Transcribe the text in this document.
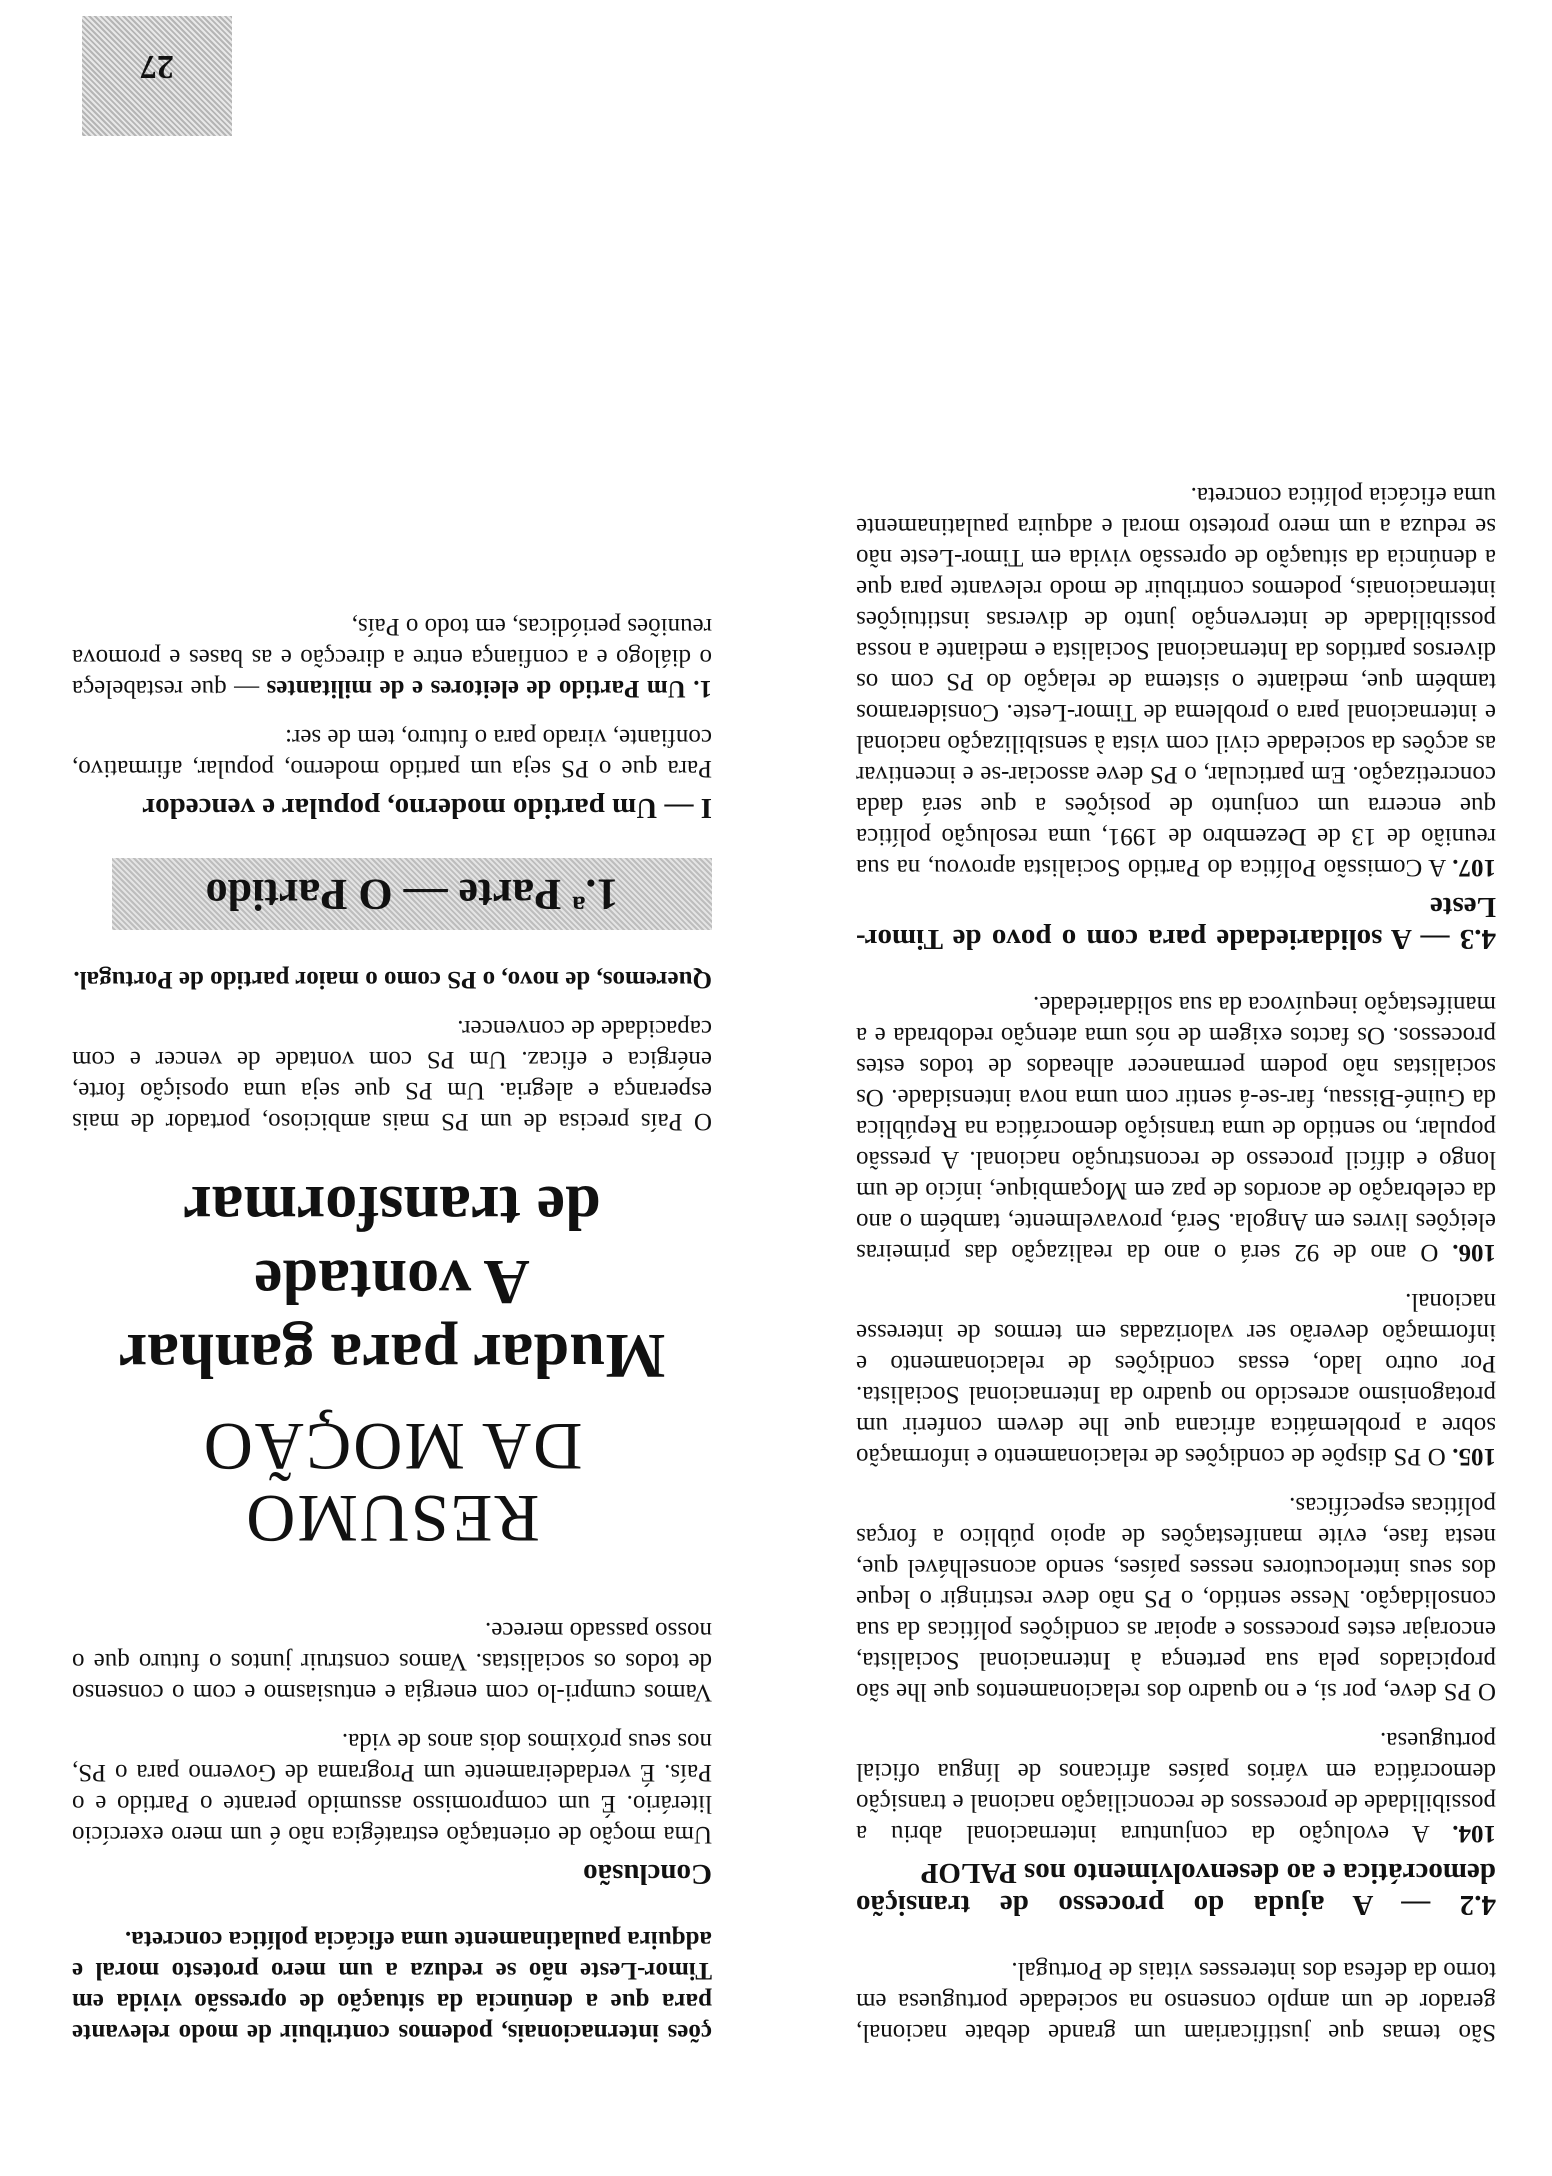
São temas que justificariam um grande debate nacional, gerador de um amplo consenso na sociedade portuguesa em torno da defesa dos interesses vitais de Portugal.

4.2 — A ajuda do processo de transição democrática e ao desenvolvimento nos PALOP

104. A evolução da conjuntura internacional abriu a possibilidade de processos de reconciliação nacional e transição democrática em vários países africanos de língua oficial portuguesa.

O PS deve, por si, e no quadro dos relacionamentos que lhe são propiciados pela sua pertença à Internacional Socialista, encorajar estes processos e apoiar as condições políticas da sua consolidação. Nesse sentido, o PS não deve restringir o leque dos seus interlocutores nesses países, sendo aconselhável que, nesta fase, evite manifestações de apoio público a forças políticas específicas.

105. O PS dispõe de condições de relacionamento e informação sobre a problemática africana que lhe devem conferir um protagonismo acrescido no quadro da Internacional Socialista. Por outro lado, essas condições de relacionamento e informação deverão ser valorizadas em termos de interesse nacional.

106. O ano de 92 será o ano da realização das primeiras eleições livres em Angola. Será, provavelmente, também o ano da celebração de acordos de paz em Moçambique, início de um longo e difícil processo de reconstrução nacional. A pressão popular, no sentido de uma transição democrática na República da Guiné-Bissau, far-se-á sentir com uma nova intensidade. Os socialistas não podem permanecer alheados de todos estes processos. Os factos exigem de nós uma atenção redobrada e a manifestação inequívoca da sua solidariedade.

4.3 — A solidariedade para com o povo de Timor-Leste

107. A Comissão Política do Partido Socialista aprovou, na sua reunião de 13 de Dezembro de 1991, uma resolução política que encerra um conjunto de posições a que será dada concretização. Em particular, o PS deve associar-se e incentivar as acções da sociedade civil com vista à sensibilização nacional e internacional para o problema de Timor-Leste. Consideramos também que, mediante o sistema de relação do PS com os diversos partidos da Internacional Socialista e mediante a nossa possibilidade de intervenção junto de diversas instituições internacionais, podemos contribuir de modo relevante para que a denúncia da situação de opressão vivida em Timor-Leste não se reduza a um mero protesto moral e adquira paulatinamente uma eficácia política concreta.

ções internacionais, podemos contribuir de modo relevante para que a denúncia da situação de opressão vivida em Timor-Leste não se reduza a um mero protesto moral e adquira paulatinamente uma eficácia política concreta.

Conclusão

Uma moção de orientação estratégica não é um mero exercício literário. É um compromisso assumido perante o Partido e o País. É verdadeiramente um Programa de Governo para o PS, nos seus próximos dois anos de vida.

Vamos cumpri-lo com energia e entusiasmo e com o consenso de todos os socialistas. Vamos construir juntos o futuro que o nosso passado merece.

RESUMO

DA MOÇÃO

Mudar para ganhar

A vontade

de transformar

O País precisa de um PS mais ambicioso, portador de mais esperança e alegria. Um PS que seja uma oposição forte, enérgica e eficaz. Um PS com vontade de vencer e com capacidade de convencer.

Queremos, de novo, o PS como o maior partido de Portugal.

1.ª Parte — O Partido

I — Um partido moderno, popular e vencedor

Para que o PS seja um partido moderno, popular, afirmativo, confiante, virado para o futuro, tem de ser:

1. Um Partido de eleitores e de militantes — que restabeleça o diálogo e a confiança entre a direcção e as bases e promova reuniões periódicas, em todo o País,

27
